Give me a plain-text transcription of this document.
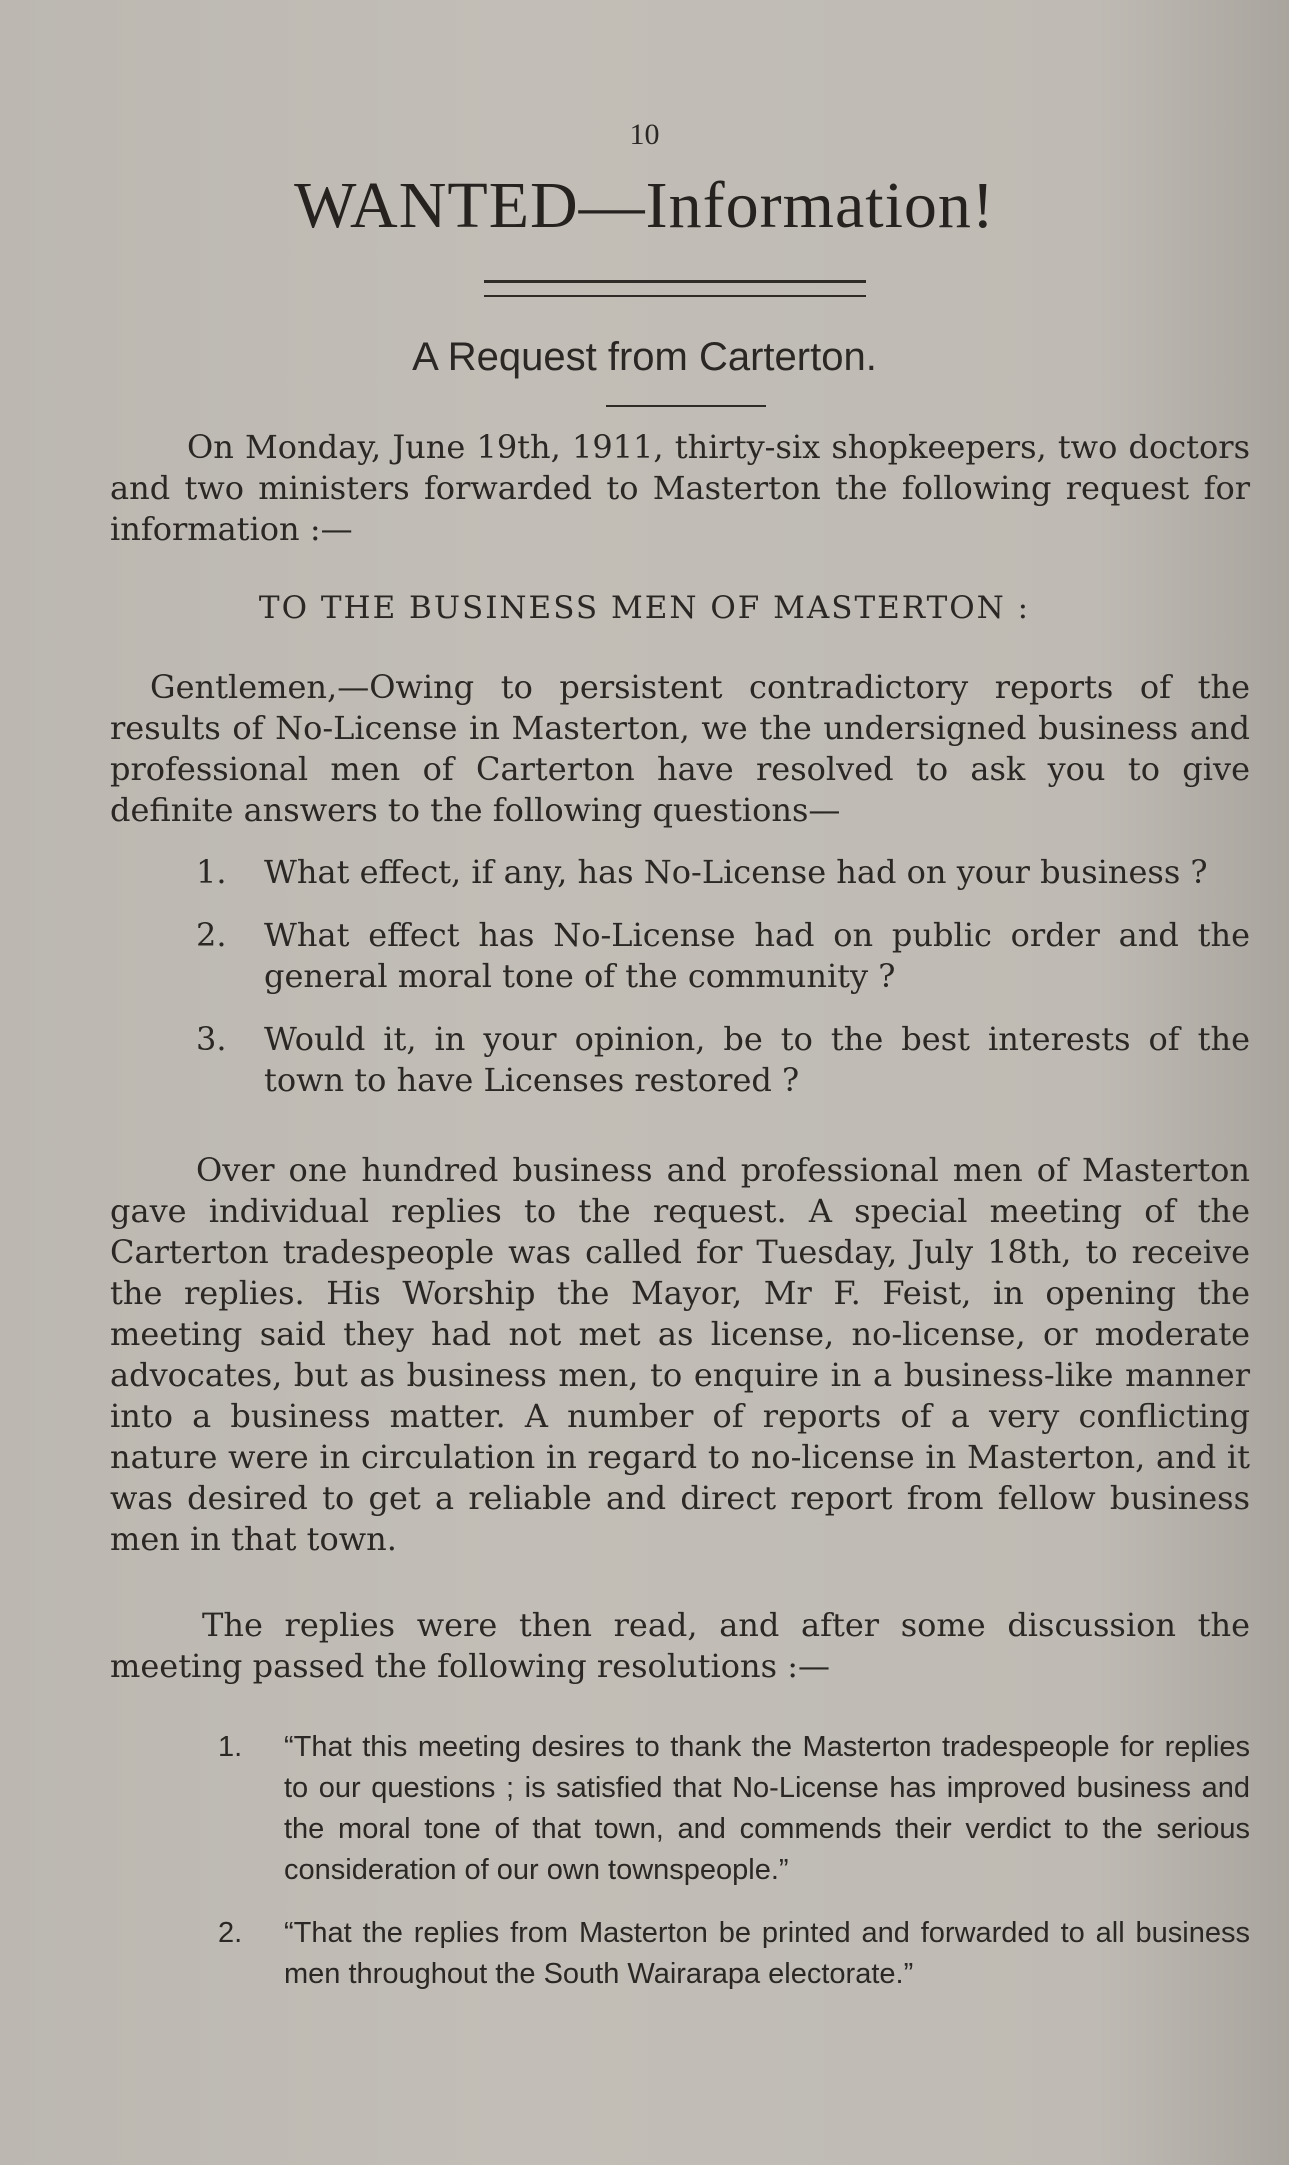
10
WANTED—Information!
A Request from Carterton.

On Monday, June 19th, 1911, thirty-six shopkeepers, two doctors and two ministers forwarded to Masterton the following request for information :—

TO THE BUSINESS MEN OF MASTERTON :

Gentlemen,—Owing to persistent contradictory reports of the results of No-License in Masterton, we the undersigned business and professional men of Carterton have resolved to ask you to give definite answers to the following questions—

1.	What effect, if any, has No-License had on your business ?
2.	What effect has No-License had on public order and the general moral tone of the community ?
3.	Would it, in your opinion, be to the best interests of the town to have Licenses restored ?

Over one hundred business and professional men of Masterton gave individual replies to the request. A special meeting of the Carterton tradespeople was called for Tuesday, July 18th, to receive the replies. His Worship the Mayor, Mr F. Feist, in opening the meeting said they had not met as license, no-license, or moderate advocates, but as business men, to enquire in a business-like manner into a business matter. A number of reports of a very conflicting nature were in circulation in regard to no-license in Masterton, and it was desired to get a reliable and direct report from fellow business men in that town.

The replies were then read, and after some discussion the meeting passed the following resolutions :—

1.	“That this meeting desires to thank the Masterton tradespeople for replies to our questions ; is satisfied that No-License has improved business and the moral tone of that town, and commends their verdict to the serious consideration of our own townspeople.”
2.	“That the replies from Masterton be printed and forwarded to all business men throughout the South Wairarapa electorate.”
